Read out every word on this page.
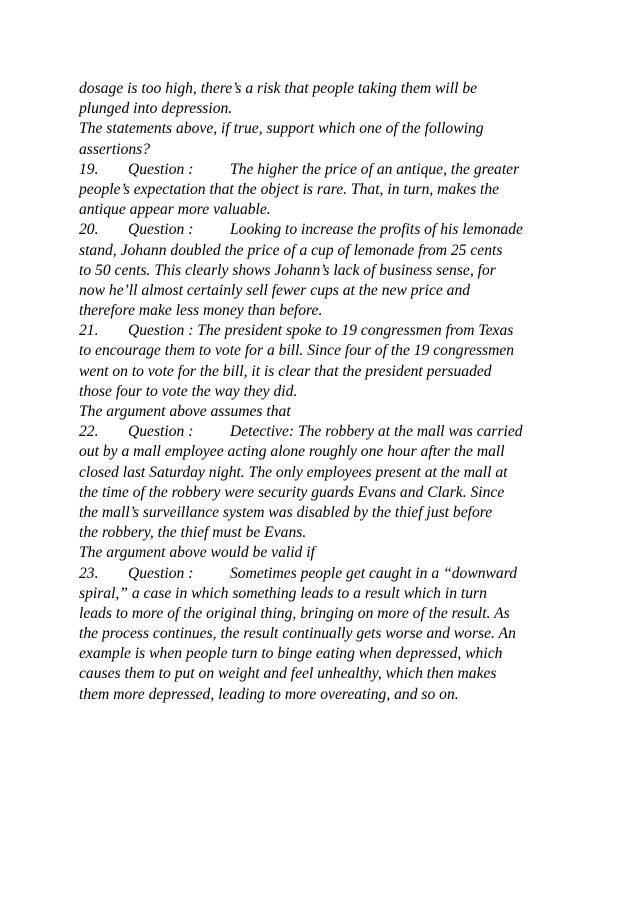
dosage is too high, there’s a risk that people taking them will be
plunged into depression.
The statements above, if true, support which one of the following
assertions?
19. Question : The higher the price of an antique, the greater
people’s expectation that the object is rare. That, in turn, makes the
antique appear more valuable.
20. Question : Looking to increase the profits of his lemonade
stand, Johann doubled the price of a cup of lemonade from 25 cents
to 50 cents. This clearly shows Johann’s lack of business sense, for
now he’ll almost certainly sell fewer cups at the new price and
therefore make less money than before.
21. Question : The president spoke to 19 congressmen from Texas
to encourage them to vote for a bill. Since four of the 19 congressmen
went on to vote for the bill, it is clear that the president persuaded
those four to vote the way they did.
The argument above assumes that
22. Question : Detective: The robbery at the mall was carried
out by a mall employee acting alone roughly one hour after the mall
closed last Saturday night. The only employees present at the mall at
the time of the robbery were security guards Evans and Clark. Since
the mall’s surveillance system was disabled by the thief just before
the robbery, the thief must be Evans.
The argument above would be valid if
23. Question : Sometimes people get caught in a “downward
spiral,” a case in which something leads to a result which in turn
leads to more of the original thing, bringing on more of the result. As
the process continues, the result continually gets worse and worse. An
example is when people turn to binge eating when depressed, which
causes them to put on weight and feel unhealthy, which then makes
them more depressed, leading to more overeating, and so on.
